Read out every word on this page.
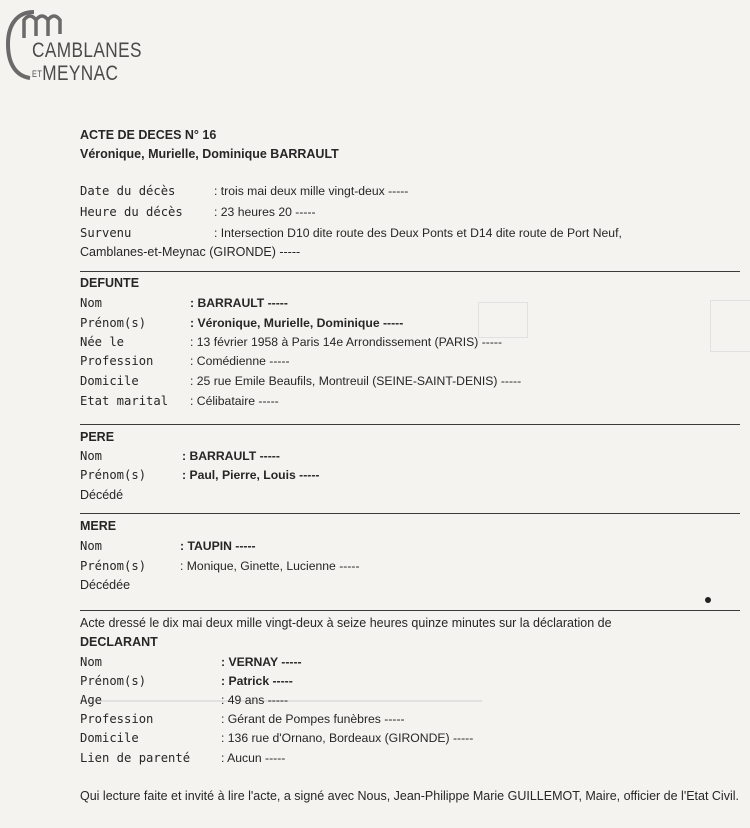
CAMBLANES
$^{ET}$MEYNAC
ACTE DE DECES N° 16
Véronique, Murielle, Dominique BARRAULT
Date du décès	: trois mai deux mille vingt-deux -----
Heure du décès	: 23 heures 20 -----
Survenu	: Intersection D10 dite route des Deux Ponts et D14 dite route de Port Neuf,
Camblanes-et-Meynac (GIRONDE) -----
DEFUNTE
Nom	: BARRAULT -----
Prénom(s)	: Véronique, Murielle, Dominique -----
Née le	: 13 février 1958 à Paris 14e Arrondissement (PARIS) -----
Profession	: Comédienne -----
Domicile	: 25 rue Emile Beaufils, Montreuil (SEINE-SAINT-DENIS) -----
Etat marital : Célibataire -----
PERE
Nom	: BARRAULT -----
Prénom(s)	: Paul, Pierre, Louis -----
Décédé
MERE
Nom	: TAUPIN -----
Prénom(s)	: Monique, Ginette, Lucienne -----
Décédée
Acte dressé le dix mai deux mille vingt-deux à seize heures quinze minutes sur la déclaration de
DECLARANT
Nom	: VERNAY -----
Prénom(s)	: Patrick -----
Age	: 49 ans -----
Profession	: Gérant de Pompes funèbres -----
Domicile	: 136 rue d'Ornano, Bordeaux (GIRONDE) -----
Lien de parenté	: Aucun -----
Qui lecture faite et invité à lire l'acte, a signé avec Nous, Jean-Philippe Marie GUILLEMOT, Maire, officier de l'Etat Civil.
